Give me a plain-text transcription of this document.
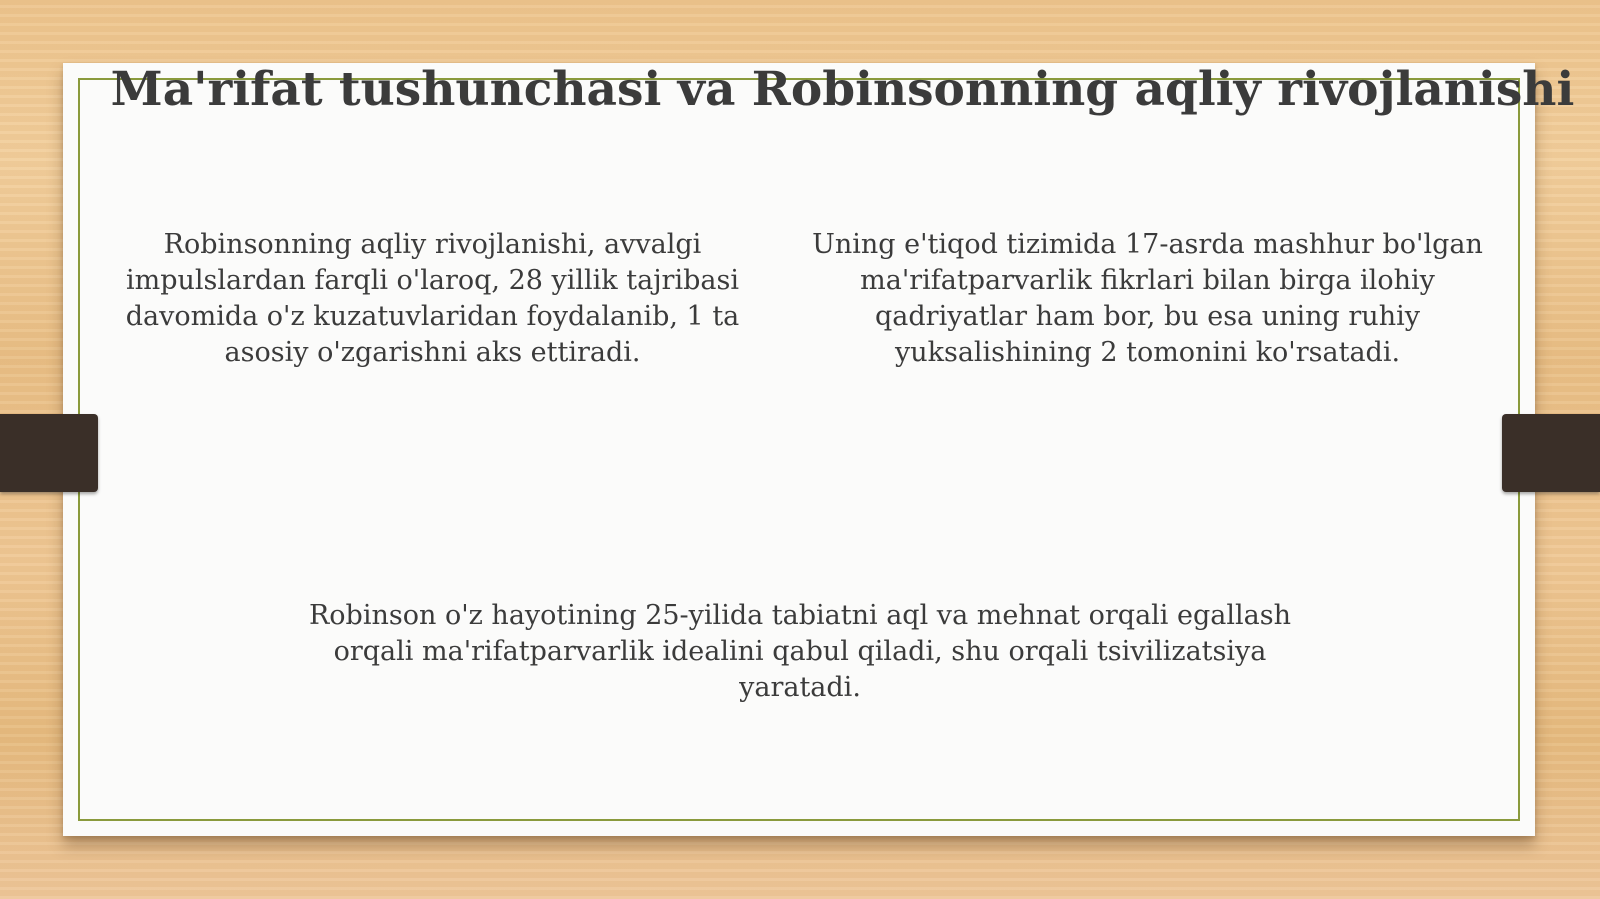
Ma'rifat tushunchasi va Robinsonning aqliy rivojlanishi

Robinsonning aqliy rivojlanishi, avvalgi impulslardan farqli o'laroq, 28 yillik tajribasi davomida o'z kuzatuvlaridan foydalanib, 1 ta asosiy o'zgarishni aks ettiradi.

Uning e'tiqod tizimida 17-asrda mashhur bo'lgan ma'rifatparvarlik fikrlari bilan birga ilohiy qadriyatlar ham bor, bu esa uning ruhiy yuksalishining 2 tomonini ko'rsatadi.

Robinson o'z hayotining 25-yilida tabiatni aql va mehnat orqali egallash orqali ma'rifatparvarlik idealini qabul qiladi, shu orqali tsivilizatsiya yaratadi.
